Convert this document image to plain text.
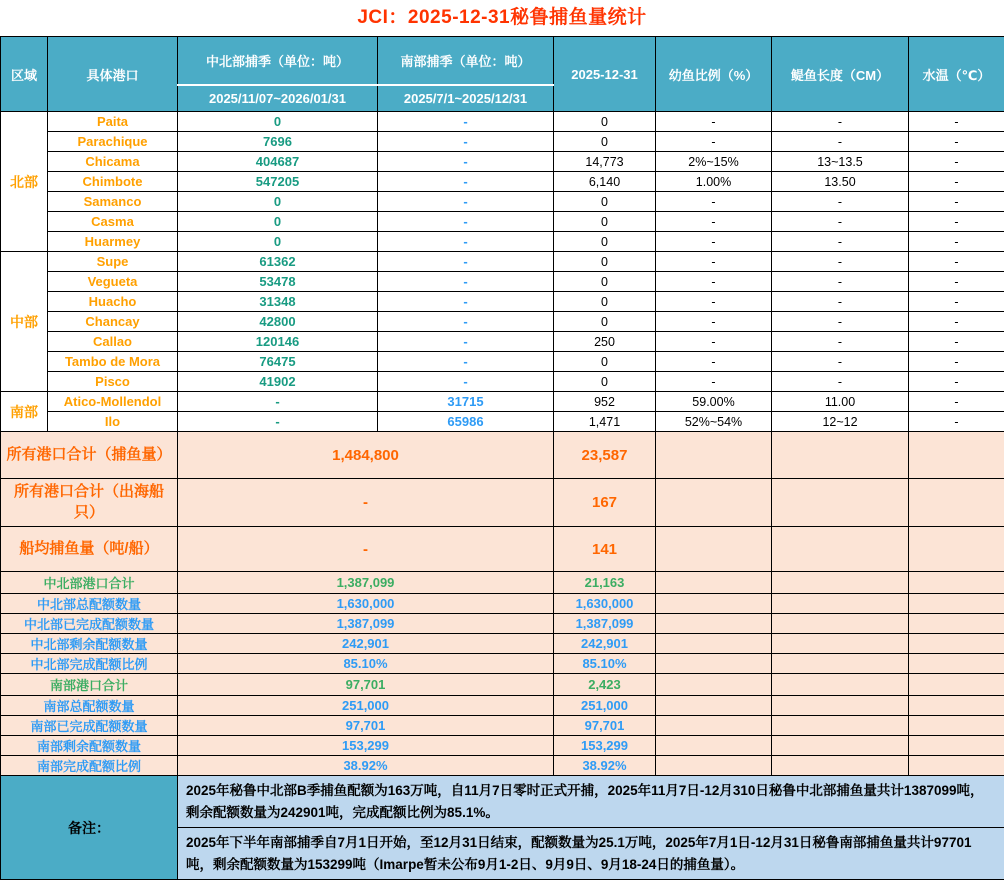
JCI：2025-12-31秘鲁捕鱼量统计
区域	具体港口	中北部捕季（单位：吨）	南部捕季（单位：吨）	2025-12-31	幼鱼比例（%）	鳀鱼长度（CM）	水温（℃）
		2025/11/07~2026/01/31	2025/7/1~2025/12/31				
北部	Paita	0	-	0	-	-	-
	Parachique	7696	-	0	-	-	-
	Chicama	404687	-	14,773	2%~15%	13~13.5	-
	Chimbote	547205	-	6,140	1.00%	13.50	-
	Samanco	0	-	0	-	-	-
	Casma	0	-	0	-	-	-
	Huarmey	0	-	0	-	-	-
中部	Supe	61362	-	0	-	-	-
	Vegueta	53478	-	0	-	-	-
	Huacho	31348	-	0	-	-	-
	Chancay	42800	-	0	-	-	-
	Callao	120146	-	250	-	-	-
	Tambo de Mora	76475	-	0	-	-	-
	Pisco	41902	-	0	-	-	-
南部	Atico-Mollendol	-	31715	952	59.00%	11.00	-
	Ilo	-	65986	1,471	52%~54%	12~12	-
所有港口合计（捕鱼量）		1,484,800		23,587			
所有港口合计（出海船只）		-		167			
船均捕鱼量（吨/船）		-		141			
中北部港口合计		1,387,099		21,163			
中北部总配额数量		1,630,000		1,630,000			
中北部已完成配额数量		1,387,099		1,387,099			
中北部剩余配额数量		242,901		242,901			
中北部完成配额比例		85.10%		85.10%			
南部港口合计		97,701		2,423			
南部总配额数量		251,000		251,000			
南部已完成配额数量		97,701		97,701			
南部剩余配额数量		153,299		153,299			
南部完成配额比例		38.92%		38.92%			
备注：		2025年秘鲁中北部B季捕鱼配额为163万吨，自11月7日零时正式开捕，2025年11月7日-12月310日秘鲁中北部捕鱼量共计1387099吨，剩余配额数量为242901吨，完成配额比例为85.1%。					
		2025年下半年南部捕季自7月1日开始，至12月31日结束，配额数量为25.1万吨，2025年7月1日-12月31日秘鲁南部捕鱼量共计97701吨，剩余配额数量为153299吨（Imarpe暂未公布9月1-2日、9月9日、9月18-24日的捕鱼量）。					
